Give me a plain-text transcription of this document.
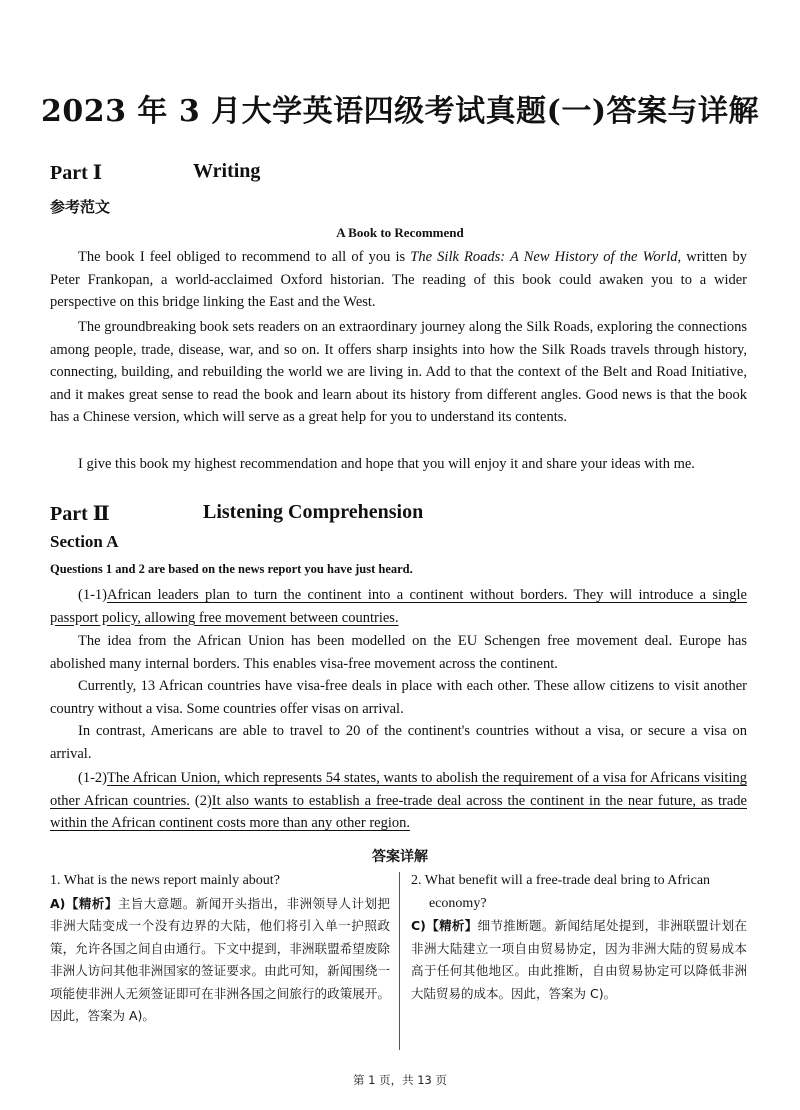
2023 年 3 月大学英语四级考试真题(一)答案与详解
Part Ⅰ	Writing
参考范文
A Book to Recommend
The book I feel obliged to recommend to all of you is The Silk Roads: A New History of the World, written by Peter Frankopan, a world-acclaimed Oxford historian. The reading of this book could awaken you to a wider perspective on this bridge linking the East and the West.
The groundbreaking book sets readers on an extraordinary journey along the Silk Roads, exploring the connections among people, trade, disease, war, and so on. It offers sharp insights into how the Silk Roads travels through history, connecting, building, and rebuilding the world we are living in. Add to that the context of the Belt and Road Initiative, and it makes great sense to read the book and learn about its history from different angles. Good news is that the book has a Chinese version, which will serve as a great help for you to understand its contents.
I give this book my highest recommendation and hope that you will enjoy it and share your ideas with me.
Part Ⅱ	Listening Comprehension
Section A
Questions 1 and 2 are based on the news report you have just heard.
(1-1)African leaders plan to turn the continent into a continent without borders. They will introduce a single passport policy, allowing free movement between countries.
The idea from the African Union has been modelled on the EU Schengen free movement deal. Europe has abolished many internal borders. This enables visa-free movement across the continent.
Currently, 13 African countries have visa-free deals in place with each other. These allow citizens to visit another country without a visa. Some countries offer visas on arrival.
In contrast, Americans are able to travel to 20 of the continent's countries without a visa, or secure a visa on arrival.
(1-2)The African Union, which represents 54 states, wants to abolish the requirement of a visa for Africans visiting other African countries. (2)It also wants to establish a free-trade deal across the continent in the near future, as trade within the African continent costs more than any other region.
答案详解
1. What is the news report mainly about?
A)【精析】主旨大意题。新闻开头指出，非洲领导人计划把非洲大陆变成一个没有边界的大陆，他们将引入单一护照政策，允许各国之间自由通行。下文中提到，非洲联盟希望废除非洲人访问其他非洲国家的签证要求。由此可知，新闻围绕一项能使非洲人无须签证即可在非洲各国之间旅行的政策展开。因此，答案为 A)。
2. What benefit will a free-trade deal bring to African economy?
C)【精析】细节推断题。新闻结尾处提到，非洲联盟计划在非洲大陆建立一项自由贸易协定，因为非洲大陆的贸易成本高于任何其他地区。由此推断，自由贸易协定可以降低非洲大陆贸易的成本。因此，答案为 C)。
第 1 页，共 13 页
